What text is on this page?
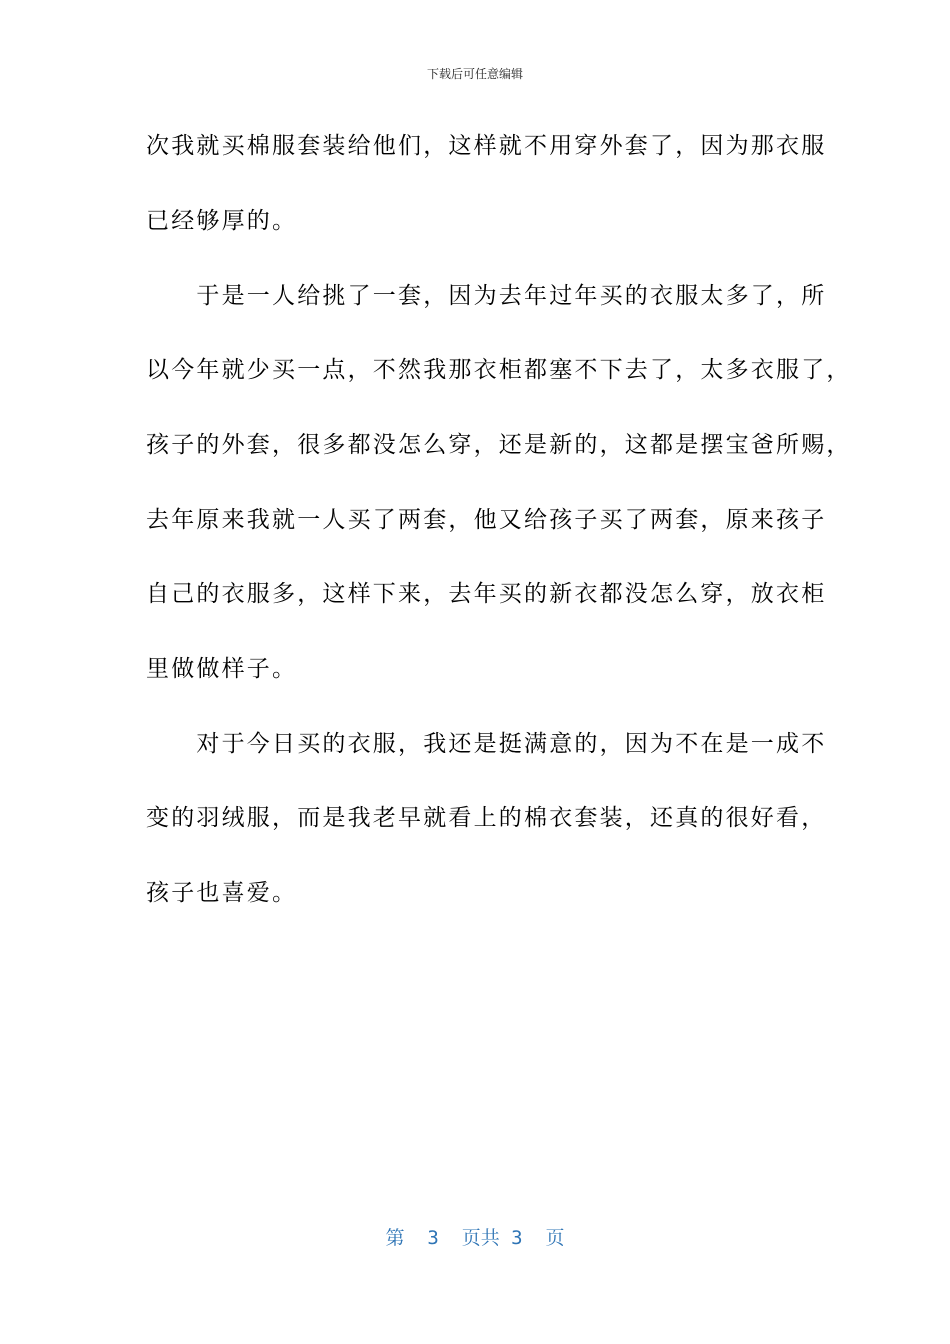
下载后可任意编辑
次我就买棉服套装给他们，这样就不用穿外套了，因为那衣服
已经够厚的。
　　于是一人给挑了一套，因为去年过年买的衣服太多了，所
以今年就少买一点，不然我那衣柜都塞不下去了，太多衣服了，
孩子的外套，很多都没怎么穿，还是新的，这都是摆宝爸所赐，
去年原来我就一人买了两套，他又给孩子买了两套，原来孩子
自己的衣服多，这样下来，去年买的新衣都没怎么穿，放衣柜
里做做样子。
　　对于今日买的衣服，我还是挺满意的，因为不在是一成不
变的羽绒服，而是我老早就看上的棉衣套装，还真的很好看，
孩子也喜爱。
第  3  页共 3  页
